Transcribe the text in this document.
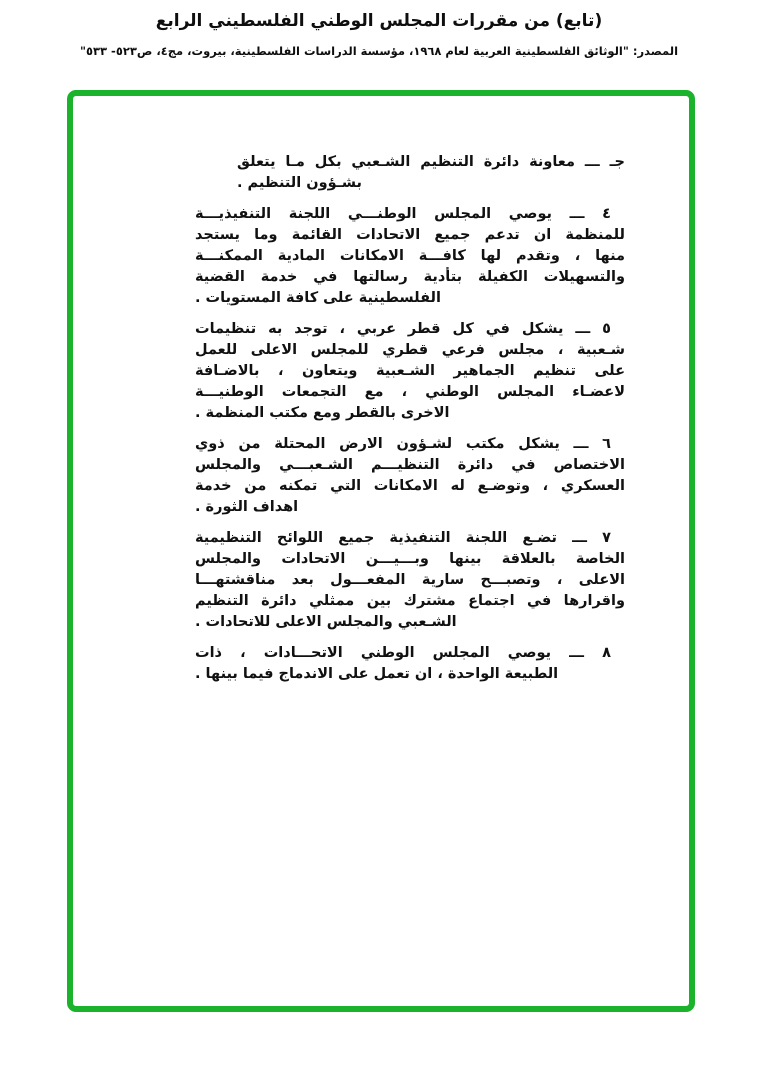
(تابع) من مقررات المجلس الوطني الفلسطيني الرابع
المصدر: "الوثائق الفلسطينية العربية لعام ١٩٦٨، مؤسسة الدراسات الفلسطينية، بيروت، مج٤، ص٥٢٣- ٥٣٣"
جـ ـــ معاونة دائرة التنظيم الشـعبي بكل مـا يتعلق
بشـؤون التنظيم .
٤ ـــ يوصي المجلس الوطنـــي اللجنة التنفيذيـــة
للمنظمة ان تدعم جميع الاتحادات القائمة وما يستجد
منها ، وتقدم لها كافـــة الامكانات المادية الممكنـــة
والتسهيلات الكفيلة بتأدية رسالتها في خدمة القضية
الفلسطينية على كافة المستويات .
٥ ـــ يشكل في كل قطر عربي ، توجد به تنظيمات
شـعبية ، مجلس فرعي قطري للمجلس الاعلى للعمل
على تنظيم الجماهير الشـعبية ويتعاون ، بالاضـافة
لاعضـاء المجلس الوطني ، مع التجمعات الوطنيـــة
الاخرى بالقطر ومع مكتب المنظمة .
٦ ـــ يشكل مكتب لشـؤون الارض المحتلة من ذوي
الاختصاص في دائرة التنظيـــم الشـعبـــي والمجلس
العسكري ، وتوضـع له الامكانات التي تمكنه من خدمة
اهداف الثورة .
٧ ـــ تضـع اللجنة التنفيذية جميع اللوائح التنظيمية
الخاصة بالعلاقة بينها وبـــيـــن الاتحادات والمجلس
الاعلى ، وتصبـــح سارية المفعـــول بعد مناقشتهـــا
واقرارها في اجتماع مشترك بين ممثلي دائرة التنظيم
الشـعبي والمجلس الاعلى للاتحادات .
٨ ـــ يوصي المجلس الوطني الاتحـــادات ، ذات
الطبيعة الواحدة ، ان تعمل على الاندماج فيما بينها .
